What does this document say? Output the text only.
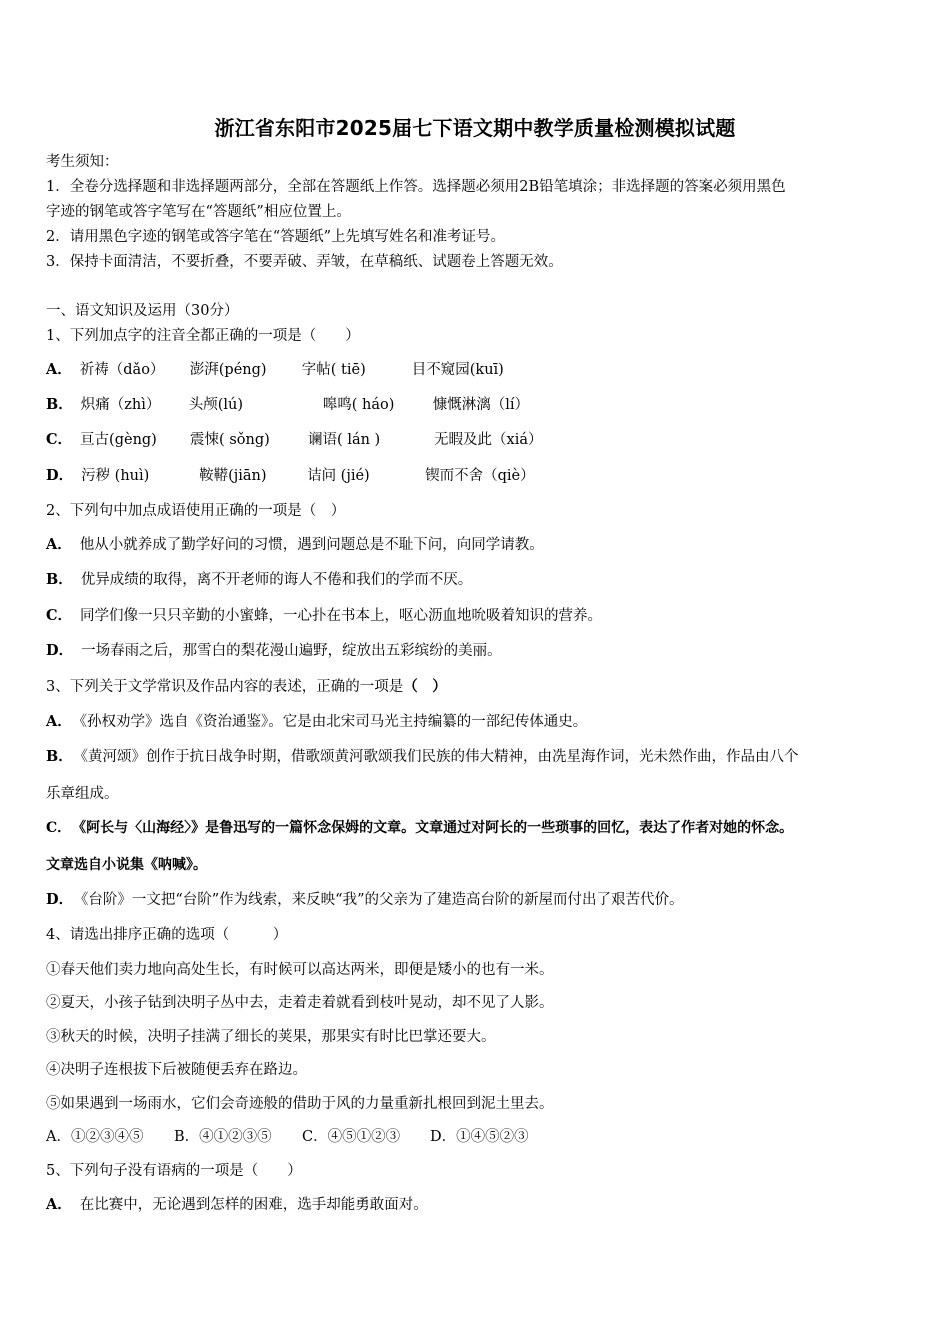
浙江省东阳市2025届七下语文期中教学质量检测模拟试题
考生须知：
1．全卷分选择题和非选择题两部分，全部在答题纸上作答。选择题必须用2B铅笔填涂；非选择题的答案必须用黑色
字迹的钢笔或答字笔写在“答题纸”相应位置上。
2．请用黑色字迹的钢笔或答字笔在“答题纸”上先填写姓名和准考证号。
3．保持卡面清洁，不要折叠，不要弄破、弄皱，在草稿纸、试题卷上答题无效。
一、语文知识及运用（30分）
1、下列加点字的注音全都正确的一项是（　　）
A． 祈祷（dǎo） 澎湃(péng) 字帖( tiē)	目不窥园(kuī)
B． 炽痛（zhì） 头颅(lú)	嗥鸣( háo)	慷慨淋漓（lí）
C． 亘古(gèng) 震悚( sǒng)	谰语( lán )	无暇及此（xiá）
D． 污秽 (huì)	鞍鞯(jiān)	诘问 (jié)	锲而不舍（qiè）
2、下列句中加点成语使用正确的一项是（　）
A． 他从小就养成了勤学好问的习惯，遇到问题总是不耻下问，向同学请教。
B． 优异成绩的取得，离不开老师的诲人不倦和我们的学而不厌。
C． 同学们像一只只辛勤的小蜜蜂，一心扑在书本上，呕心沥血地吮吸着知识的营养。
D． 一场春雨之后，那雪白的梨花漫山遍野，绽放出五彩缤纷的美丽。
3、下列关于文学常识及作品内容的表述，正确的一项是（　）
A． 《孙权劝学》选自《资治通鉴》。它是由北宋司马光主持编纂的一部纪传体通史。
B． 《黄河颂》创作于抗日战争时期，借歌颂黄河歌颂我们民族的伟大精神，由冼星海作词，光未然作曲，作品由八个
乐章组成。
C． 《阿长与〈山海经〉》是鲁迅写的一篇怀念保姆的文章。文章通过对阿长的一些琐事的回忆，表达了作者对她的怀念。
文章选自小说集《呐喊》。
D． 《台阶》一文把“台阶”作为线索，来反映“我”的父亲为了建造高台阶的新屋而付出了艰苦代价。
4、请选出排序正确的选项（　　　）
①春天他们卖力地向高处生长，有时候可以高达两米，即便是矮小的也有一米。
②夏天，小孩子钻到决明子丛中去，走着走着就看到枝叶晃动，却不见了人影。
③秋天的时候，决明子挂满了细长的荚果，那果实有时比巴掌还要大。
④决明子连根拔下后被随便丢弃在路边。
⑤如果遇到一场雨水，它们会奇迹般的借助于风的力量重新扎根回到泥土里去。
A．①②③④⑤ B．④①②③⑤ C．④⑤①②③ D．①④⑤②③
5、下列句子没有语病的一项是（　　）
A． 在比赛中，无论遇到怎样的困难，选手却能勇敢面对。
